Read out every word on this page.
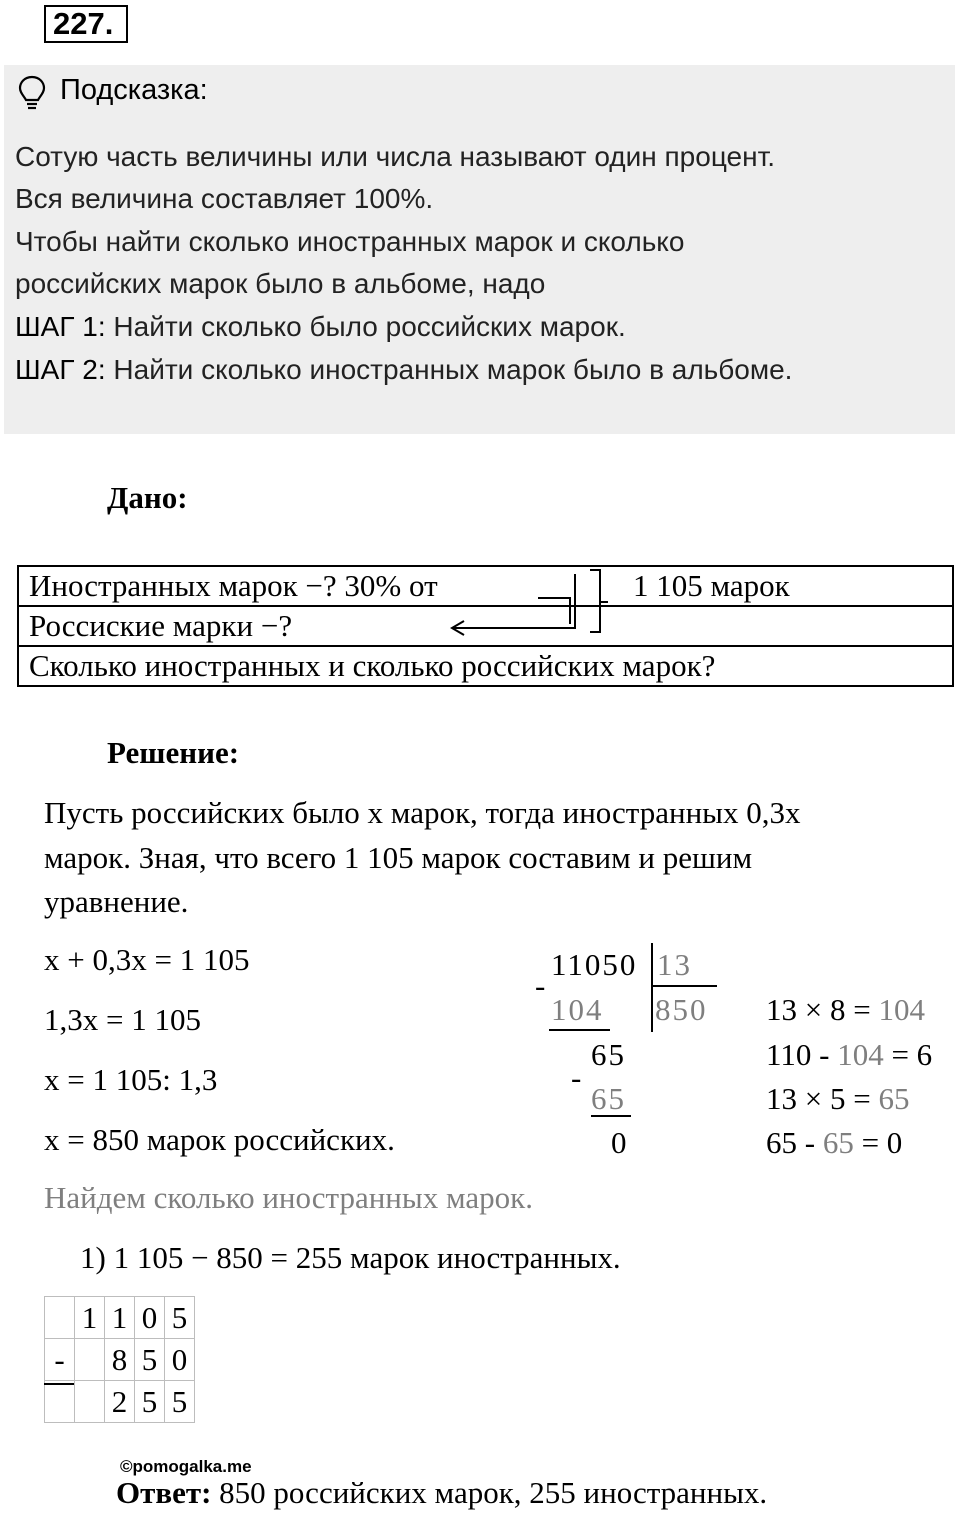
227.
Подсказка:
Сотую часть величины или числа называют один процент.
Вся величина составляет 100%.
Чтобы найти сколько иностранных марок и сколько
российских марок было в альбоме, надо
ШАГ 1: Найти сколько было российских марок.
ШАГ 2: Найти сколько иностранных марок было в альбоме.
Дано:
Иностранных марок −? 30% от	1 105 марок

Россиcкие марки −?
Сколько иностранных и сколько российских марок?
Решение:
Пусть российских было x марок, тогда иностранных 0,3x
марок. Зная, что всего 1 105 марок составим и решим
уравнение.
x + 0,3x = 1 105
1,3x = 1 105
x = 1 105: 1,3
x = 850 марок российских.
11050 13
-
104 850
65
-
65
0
13 × 8 = 104
110 - 104 = 6
13 × 5 = 65
65 - 65 = 0
Найдем сколько иностранных марок.
1) 1 105 − 850 = 255 марок иностранных.
	1	1	0	5
-		8	5	0
		2	5	5
©pomogalka.me
Ответ: 850 российских марок, 255 иностранных.
